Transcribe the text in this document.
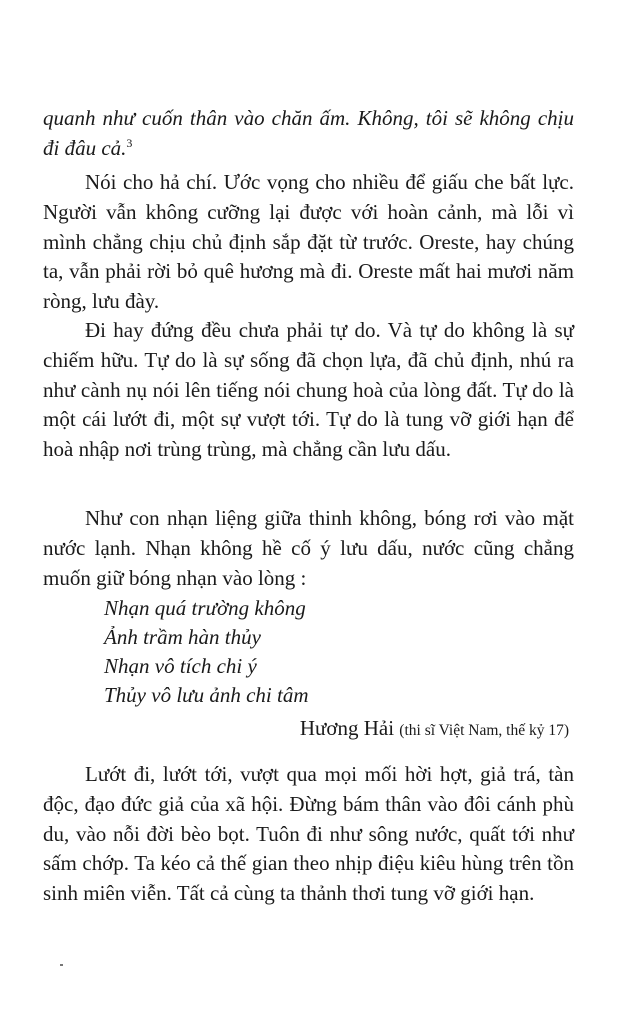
quanh như cuốn thân vào chăn ấm. Không, tôi sẽ không chịu đi đâu cả.$^3$

Nói cho hả chí. Ước vọng cho nhiều để giấu che bất lực. Người vẫn không cưỡng lại được với hoàn cảnh, mà lỗi vì mình chẳng chịu chủ định sắp đặt từ trước. Oreste, hay chúng ta, vẫn phải rời bỏ quê hương mà đi. Oreste mất hai mươi năm ròng, lưu đày.

Đi hay đứng đều chưa phải tự do. Và tự do không là sự chiếm hữu. Tự do là sự sống đã chọn lựa, đã chủ định, nhú ra như cành nụ nói lên tiếng nói chung hoà của lòng đất. Tự do là một cái lướt đi, một sự vượt tới. Tự do là tung vỡ giới hạn để hoà nhập nơi trùng trùng, mà chẳng cần lưu dấu.

Như con nhạn liệng giữa thinh không, bóng rơi vào mặt nước lạnh. Nhạn không hề cố ý lưu dấu, nước cũng chẳng muốn giữ bóng nhạn vào lòng :

Nhạn quá trường không
Ảnh trầm hàn thủy
Nhạn vô tích chi ý
Thủy vô lưu ảnh chi tâm
Hương Hải (thi sĩ Việt Nam, thế kỷ 17)

Lướt đi, lướt tới, vượt qua mọi mối hời hợt, giả trá, tàn độc, đạo đức giả của xã hội. Đừng bám thân vào đôi cánh phù du, vào nỗi đời bèo bọt. Tuôn đi như sông nước, quất tới như sấm chớp. Ta kéo cả thế gian theo nhịp điệu kiêu hùng trên tồn sinh miên viễn. Tất cả cùng ta thảnh thơi tung vỡ giới hạn.
